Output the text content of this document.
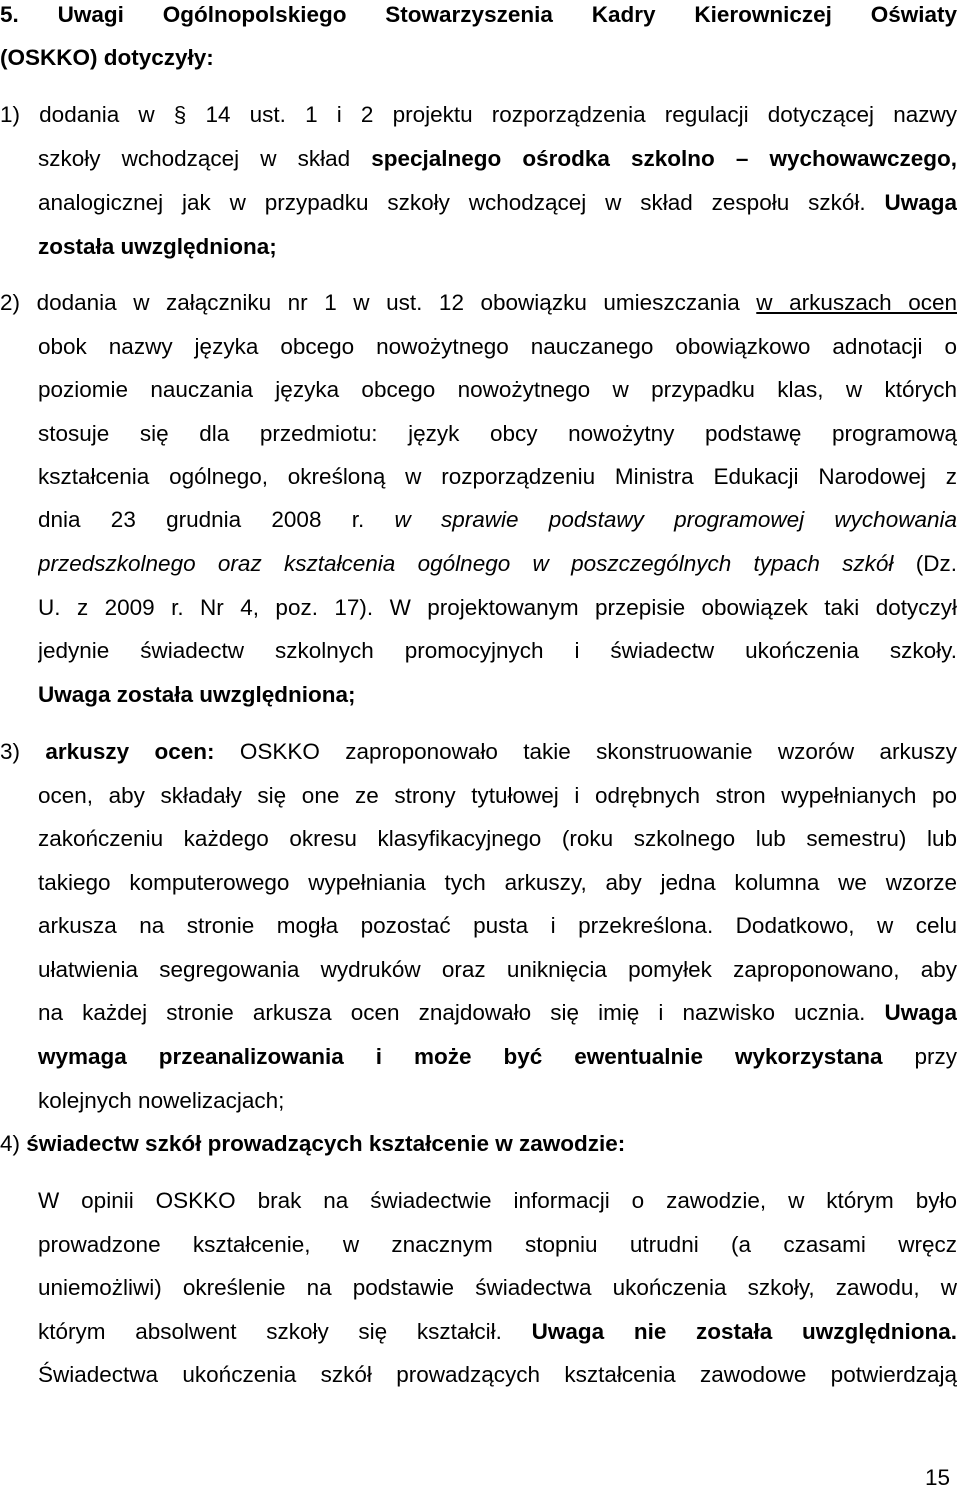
15
5. Uwagi Ogólnopolskiego Stowarzyszenia Kadry Kierowniczej Oświaty
(OSKKO) dotyczyły:
1) dodania w § 14 ust. 1 i 2 projektu rozporządzenia regulacji dotyczącej nazwy
szkoły wchodzącej w skład specjalnego ośrodka szkolno – wychowawczego,
analogicznej jak w przypadku szkoły wchodzącej w skład zespołu szkół. Uwaga
została uwzględniona;
2) dodania w załączniku nr 1 w ust. 12 obowiązku umieszczania w arkuszach ocen
obok nazwy języka obcego nowożytnego nauczanego obowiązkowo adnotacji o
poziomie nauczania języka obcego nowożytnego w przypadku klas, w których
stosuje się dla przedmiotu: język obcy nowożytny podstawę programową
kształcenia ogólnego, określoną w rozporządzeniu Ministra Edukacji Narodowej z
dnia 23 grudnia 2008 r. w sprawie podstawy programowej wychowania
przedszkolnego oraz kształcenia ogólnego w poszczególnych typach szkół (Dz.
U. z 2009 r. Nr 4, poz. 17). W projektowanym przepisie obowiązek taki dotyczył
jedynie świadectw szkolnych promocyjnych i świadectw ukończenia szkoły.
Uwaga została uwzględniona;
3) arkuszy ocen: OSKKO zaproponowało takie skonstruowanie wzorów arkuszy
ocen, aby składały się one ze strony tytułowej i odrębnych stron wypełnianych po
zakończeniu każdego okresu klasyfikacyjnego (roku szkolnego lub semestru) lub
takiego komputerowego wypełniania tych arkuszy, aby jedna kolumna we wzorze
arkusza na stronie mogła pozostać pusta i przekreślona. Dodatkowo, w celu
ułatwienia segregowania wydruków oraz uniknięcia pomyłek zaproponowano, aby
na każdej stronie arkusza ocen znajdowało się imię i nazwisko ucznia. Uwaga
wymaga przeanalizowania i może być ewentualnie wykorzystana przy
kolejnych nowelizacjach;
4) świadectw szkół prowadzących kształcenie w zawodzie:
W opinii OSKKO brak na świadectwie informacji o zawodzie, w którym było
prowadzone kształcenie, w znacznym stopniu utrudni (a czasami wręcz
uniemożliwi) określenie na podstawie świadectwa ukończenia szkoły, zawodu, w
którym absolwent szkoły się kształcił. Uwaga nie została uwzględniona.
Świadectwa ukończenia szkół prowadzących kształcenia zawodowe potwierdzają
